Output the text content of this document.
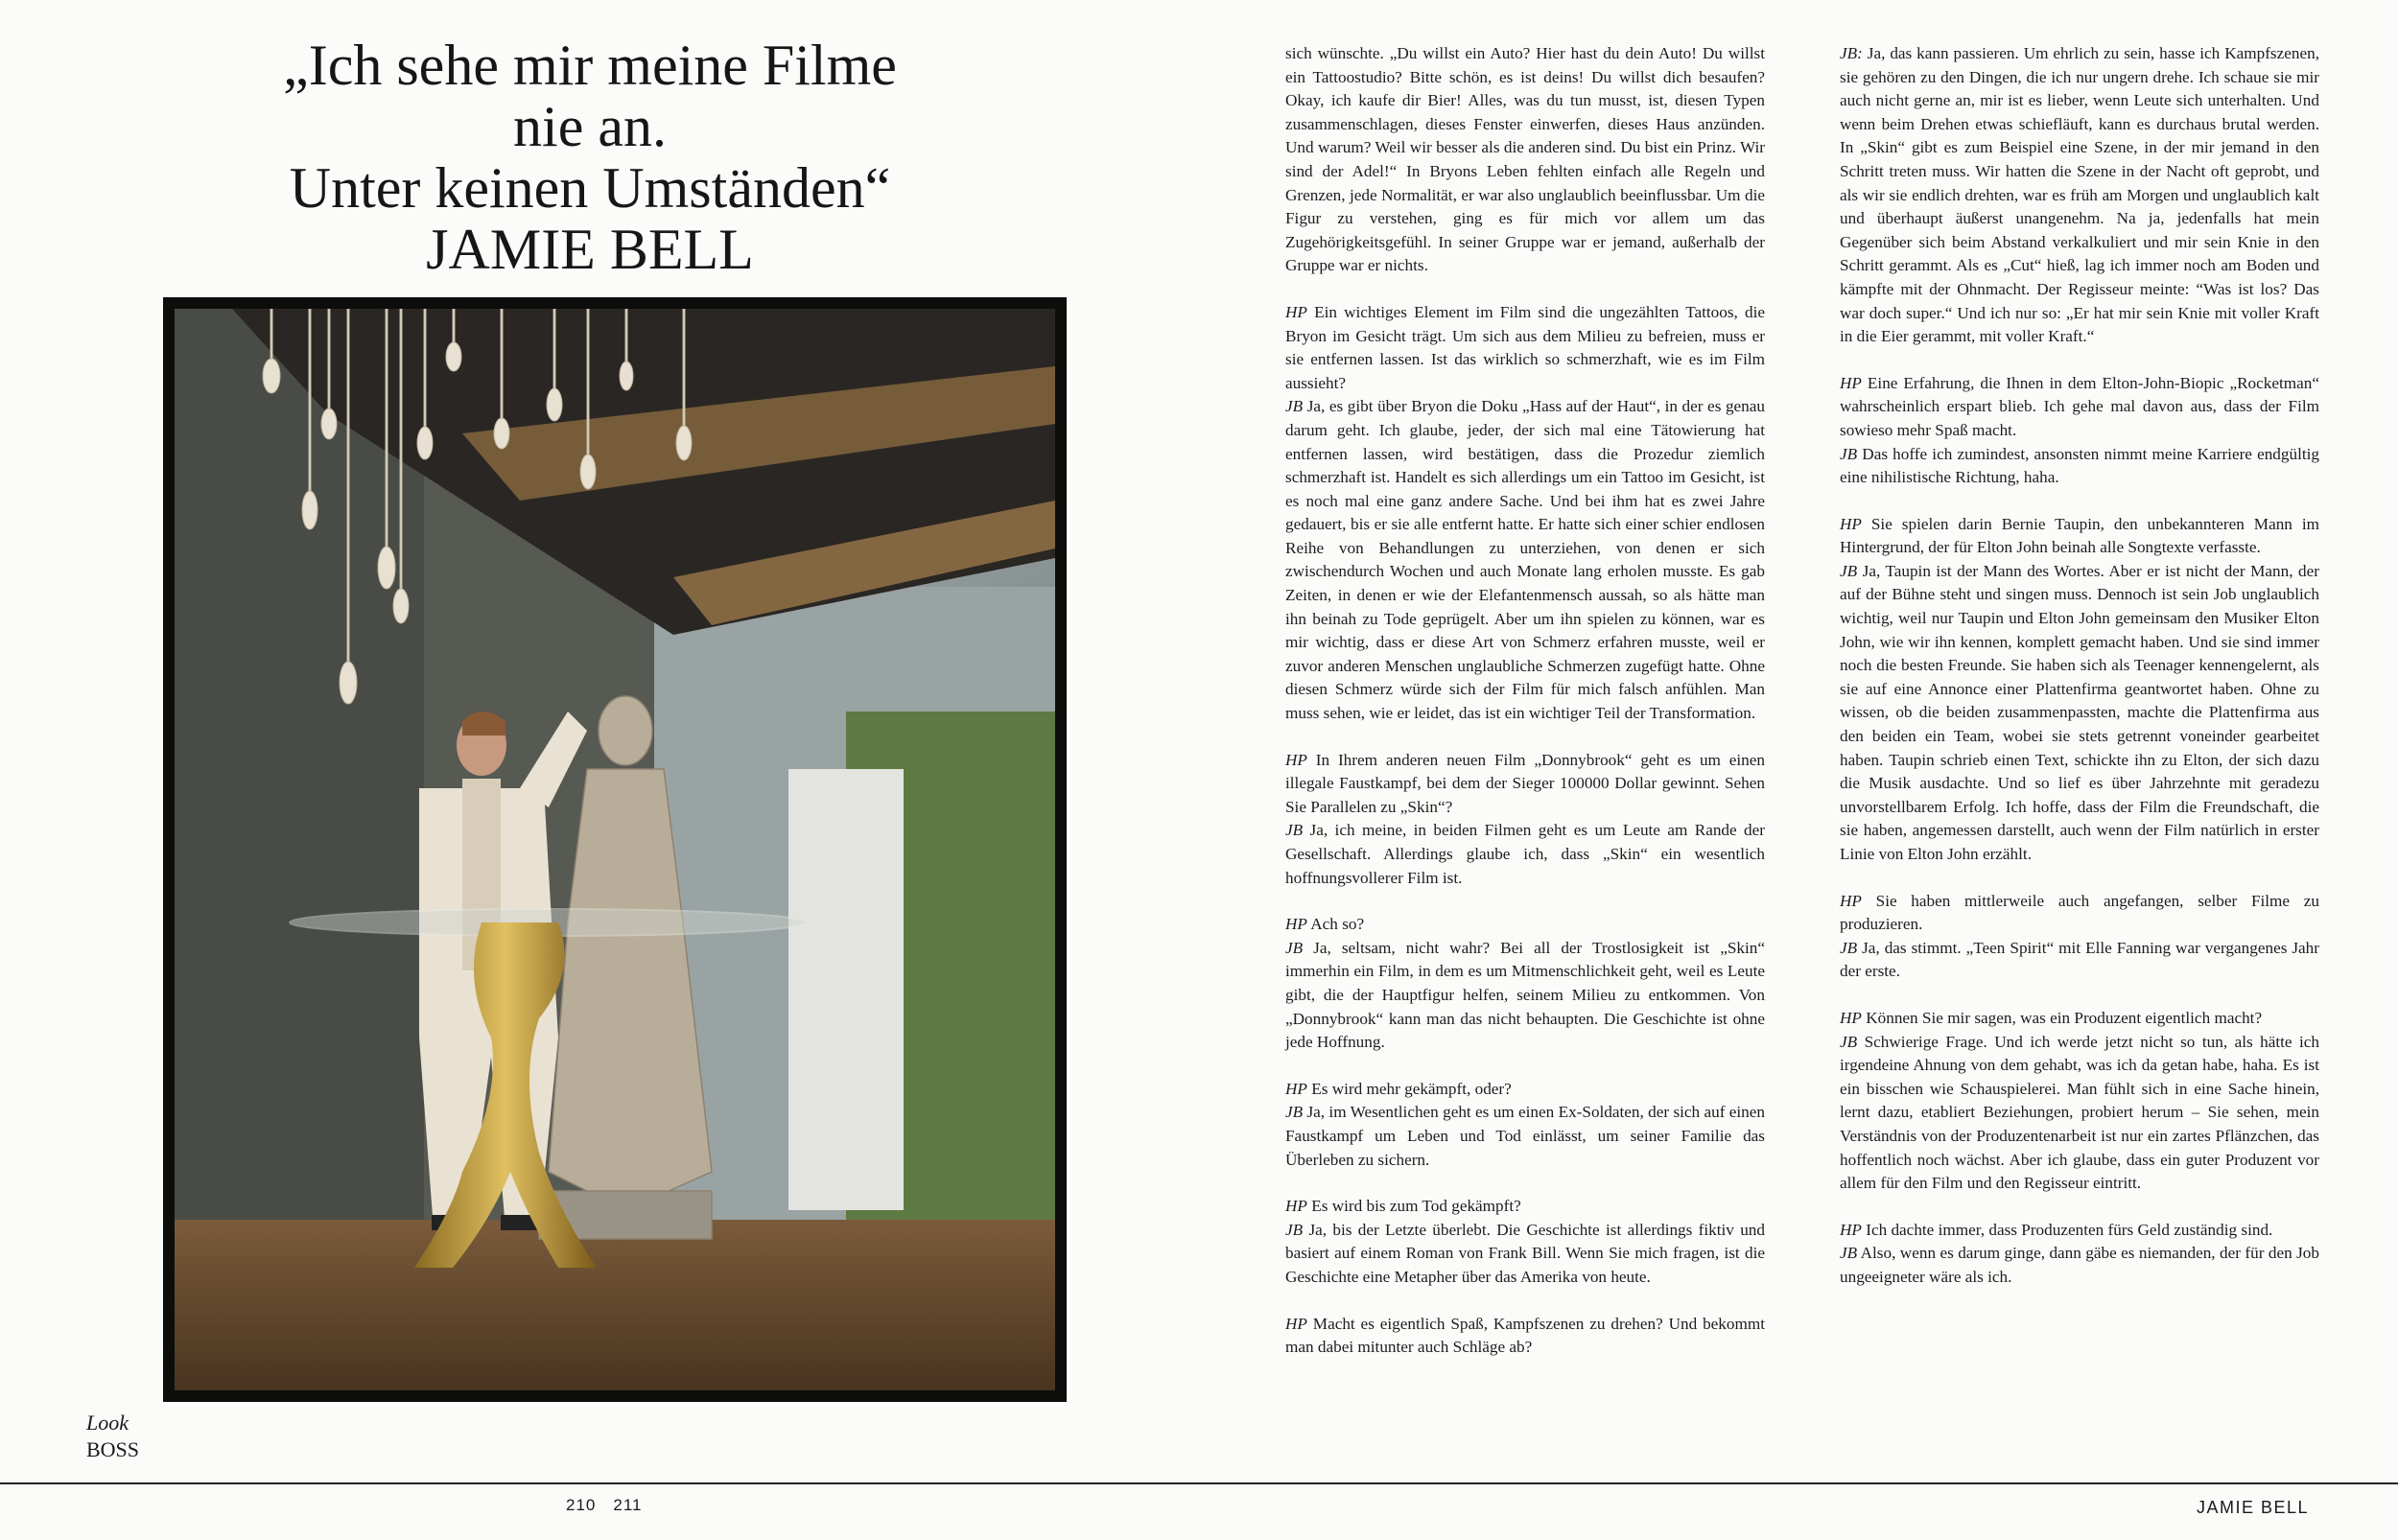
„Ich sehe mir meine Filme
nie an.
Unter keinen Umständen“
JAMIE BELL
Look
BOSS

sich wünschte. „Du willst ein Auto? Hier hast du dein Auto! Du willst ein Tattoostudio? Bitte schön, es ist deins! Du willst dich besaufen? Okay, ich kaufe dir Bier! Alles, was du tun musst, ist, diesen Typen zusammenschlagen, dieses Fenster einwerfen, dieses Haus anzünden. Und warum? Weil wir besser als die anderen sind. Du bist ein Prinz. Wir sind der Adel!“ In Bryons Leben fehlten einfach alle Regeln und Grenzen, jede Normalität, er war also unglaublich beeinflussbar. Um die Figur zu verstehen, ging es für mich vor allem um das Zugehörigkeitsgefühl. In seiner Gruppe war er jemand, außerhalb der Gruppe war er nichts.

HP Ein wichtiges Element im Film sind die ungezählten Tattoos, die Bryon im Gesicht trägt. Um sich aus dem Milieu zu befreien, muss er sie entfernen lassen. Ist das wirklich so schmerzhaft, wie es im Film aussieht?
JB Ja, es gibt über Bryon die Doku „Hass auf der Haut“, in der es genau darum geht. Ich glaube, jeder, der sich mal eine Tätowierung hat entfernen lassen, wird bestätigen, dass die Prozedur ziemlich schmerzhaft ist. Handelt es sich allerdings um ein Tattoo im Gesicht, ist es noch mal eine ganz andere Sache. Und bei ihm hat es zwei Jahre gedauert, bis er sie alle entfernt hatte. Er hatte sich einer schier endlosen Reihe von Behandlungen zu unterziehen, von denen er sich zwischendurch Wochen und auch Monate lang erholen musste. Es gab Zeiten, in denen er wie der Elefantenmensch aussah, so als hätte man ihn beinah zu Tode geprügelt. Aber um ihn spielen zu können, war es mir wichtig, dass er diese Art von Schmerz erfahren musste, weil er zuvor anderen Menschen unglaubliche Schmerzen zugefügt hatte. Ohne diesen Schmerz würde sich der Film für mich falsch anfühlen. Man muss sehen, wie er leidet, das ist ein wichtiger Teil der Transformation.

HP In Ihrem anderen neuen Film „Donnybrook“ geht es um einen illegale Faustkampf, bei dem der Sieger 100000 Dollar gewinnt. Sehen Sie Parallelen zu „Skin“?
JB Ja, ich meine, in beiden Filmen geht es um Leute am Rande der Gesellschaft. Allerdings glaube ich, dass „Skin“ ein wesentlich hoffnungsvollerer Film ist.

HP Ach so?
JB Ja, seltsam, nicht wahr? Bei all der Trostlosigkeit ist „Skin“ immerhin ein Film, in dem es um Mitmenschlichkeit geht, weil es Leute gibt, die der Hauptfigur helfen, seinem Milieu zu entkommen. Von „Donnybrook“ kann man das nicht behaupten. Die Geschichte ist ohne jede Hoffnung.

HP Es wird mehr gekämpft, oder?
JB Ja, im Wesentlichen geht es um einen Ex-Soldaten, der sich auf einen Faustkampf um Leben und Tod einlässt, um seiner Familie das Überleben zu sichern.

HP Es wird bis zum Tod gekämpft?
JB Ja, bis der Letzte überlebt. Die Geschichte ist allerdings fiktiv und basiert auf einem Roman von Frank Bill. Wenn Sie mich fragen, ist die Geschichte eine Metapher über das Amerika von heute.

HP Macht es eigentlich Spaß, Kampfszenen zu drehen? Und bekommt man dabei mitunter auch Schläge ab?

JB: Ja, das kann passieren. Um ehrlich zu sein, hasse ich Kampfszenen, sie gehören zu den Dingen, die ich nur ungern drehe. Ich schaue sie mir auch nicht gerne an, mir ist es lieber, wenn Leute sich unterhalten. Und wenn beim Drehen etwas schiefläuft, kann es durchaus brutal werden. In „Skin“ gibt es zum Beispiel eine Szene, in der mir jemand in den Schritt treten muss. Wir hatten die Szene in der Nacht oft geprobt, und als wir sie endlich drehten, war es früh am Morgen und unglaublich kalt und überhaupt äußerst unangenehm. Na ja, jedenfalls hat mein Gegenüber sich beim Abstand verkalkuliert und mir sein Knie in den Schritt gerammt. Als es „Cut“ hieß, lag ich immer noch am Boden und kämpfte mit der Ohnmacht. Der Regisseur meinte: “Was ist los? Das war doch super.“ Und ich nur so: „Er hat mir sein Knie mit voller Kraft in die Eier gerammt, mit voller Kraft.“

HP Eine Erfahrung, die Ihnen in dem Elton-John-Biopic „Rocketman“ wahrscheinlich erspart blieb. Ich gehe mal davon aus, dass der Film sowieso mehr Spaß macht.
JB Das hoffe ich zumindest, ansonsten nimmt meine Karriere endgültig eine nihilistische Richtung, haha.

HP Sie spielen darin Bernie Taupin, den unbekannteren Mann im Hintergrund, der für Elton John beinah alle Songtexte verfasste.
JB Ja, Taupin ist der Mann des Wortes. Aber er ist nicht der Mann, der auf der Bühne steht und singen muss. Dennoch ist sein Job unglaublich wichtig, weil nur Taupin und Elton John gemeinsam den Musiker Elton John, wie wir ihn kennen, komplett gemacht haben. Und sie sind immer noch die besten Freunde. Sie haben sich als Teenager kennengelernt, als sie auf eine Annonce einer Plattenfirma geantwortet haben. Ohne zu wissen, ob die beiden zusammenpassten, machte die Plattenfirma aus den beiden ein Team, wobei sie stets getrennt voneinder gearbeitet haben. Taupin schrieb einen Text, schickte ihn zu Elton, der sich dazu die Musik ausdachte. Und so lief es über Jahrzehnte mit geradezu unvorstellbarem Erfolg. Ich hoffe, dass der Film die Freundschaft, die sie haben, angemessen darstellt, auch wenn der Film natürlich in erster Linie von Elton John erzählt.

HP Sie haben mittlerweile auch angefangen, selber Filme zu produzieren.
JB Ja, das stimmt. „Teen Spirit“ mit Elle Fanning war vergangenes Jahr der erste.

HP Können Sie mir sagen, was ein Produzent eigentlich macht?
JB Schwierige Frage. Und ich werde jetzt nicht so tun, als hätte ich irgendeine Ahnung von dem gehabt, was ich da getan habe, haha. Es ist ein bisschen wie Schauspielerei. Man fühlt sich in eine Sache hinein, lernt dazu, etabliert Beziehungen, probiert herum – Sie sehen, mein Verständnis von der Produzentenarbeit ist nur ein zartes Pflänzchen, das hoffentlich noch wächst. Aber ich glaube, dass ein guter Produzent vor allem für den Film und den Regisseur eintritt.

HP Ich dachte immer, dass Produzenten fürs Geld zuständig sind.
JB Also, wenn es darum ginge, dann gäbe es niemanden, der für den Job ungeeigneter wäre als ich.

210 211	JAMIE BELL
